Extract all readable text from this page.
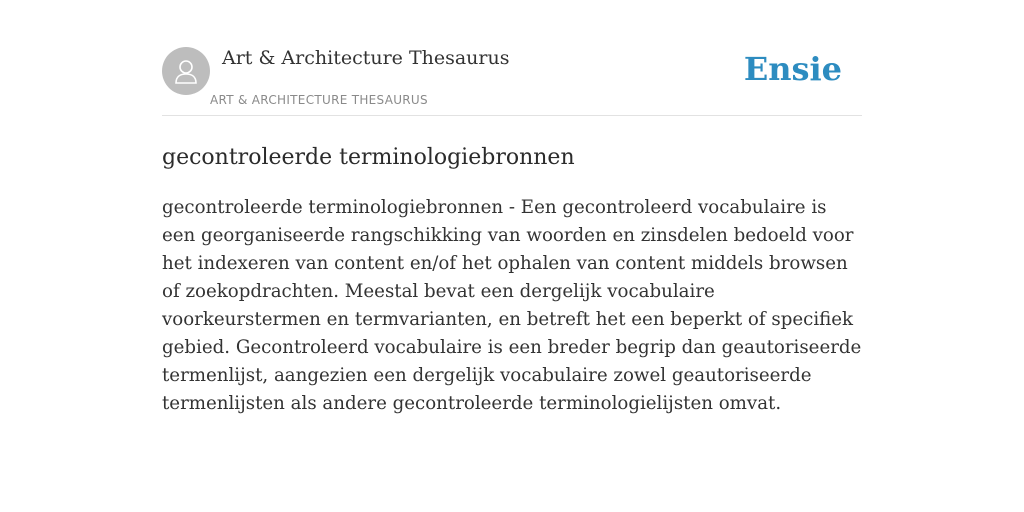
Art & Architecture Thesaurus
ART & ARCHITECTURE THESAURUS
Ensie
gecontroleerde terminologiebronnen

gecontroleerde terminologiebronnen - Een gecontroleerd vocabulaire is een georganiseerde rangschikking van woorden en zinsdelen bedoeld voor het indexeren van content en/of het ophalen van content middels browsen of zoekopdrachten. Meestal bevat een dergelijk vocabulaire voorkeurstermen en termvarianten, en betreft het een beperkt of specifiek gebied. Gecontroleerd vocabulaire is een breder begrip dan geautoriseerde termenlijst, aangezien een dergelijk vocabulaire zowel geautoriseerde termenlijsten als andere gecontroleerde terminologielijsten omvat.
